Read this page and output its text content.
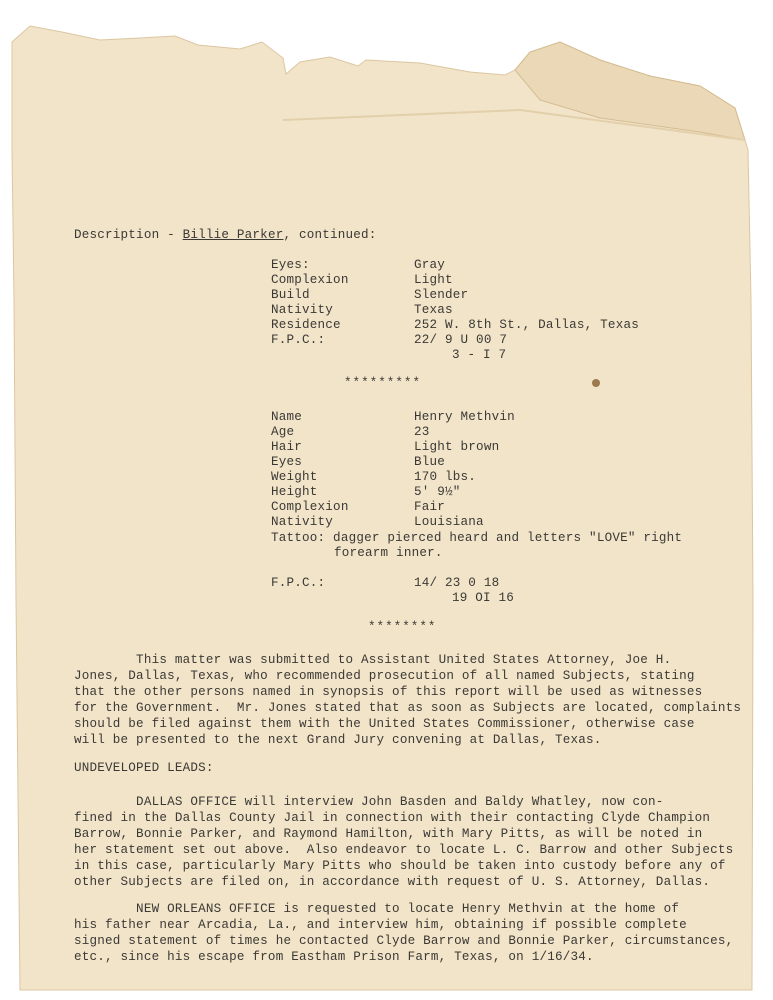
Description - Billie Parker, continued:
Eyes:	Gray
Complexion	Light
Build	Slender
Nativity	Texas
Residence	252 W. 8th St., Dallas, Texas
F.P.C.:	22/ 9 U 00 7
3 - I 7
*********
Name	Henry Methvin
Age	23
Hair	Light brown
Eyes	Blue
Weight	170 lbs.
Height	5' 9½"
Complexion	Fair
Nativity	Louisiana
Tattoo: dagger pierced heard and letters "LOVE" right
forearm inner.
F.P.C.:	14/ 23 0 18
19 OI 16
********
This matter was submitted to Assistant United States Attorney, Joe H.
Jones, Dallas, Texas, who recommended prosecution of all named Subjects, stating
that the other persons named in synopsis of this report will be used as witnesses
for the Government.  Mr. Jones stated that as soon as Subjects are located, complaints
should be filed against them with the United States Commissioner, otherwise case
will be presented to the next Grand Jury convening at Dallas, Texas.
UNDEVELOPED LEADS:
DALLAS OFFICE will interview John Basden and Baldy Whatley, now con-
fined in the Dallas County Jail in connection with their contacting Clyde Champion
Barrow, Bonnie Parker, and Raymond Hamilton, with Mary Pitts, as will be noted in
her statement set out above.  Also endeavor to locate L. C. Barrow and other Subjects
in this case, particularly Mary Pitts who should be taken into custody before any of
other Subjects are filed on, in accordance with request of U. S. Attorney, Dallas.
NEW ORLEANS OFFICE is requested to locate Henry Methvin at the home of
his father near Arcadia, La., and interview him, obtaining if possible complete
signed statement of times he contacted Clyde Barrow and Bonnie Parker, circumstances,
etc., since his escape from Eastham Prison Farm, Texas, on 1/16/34.
